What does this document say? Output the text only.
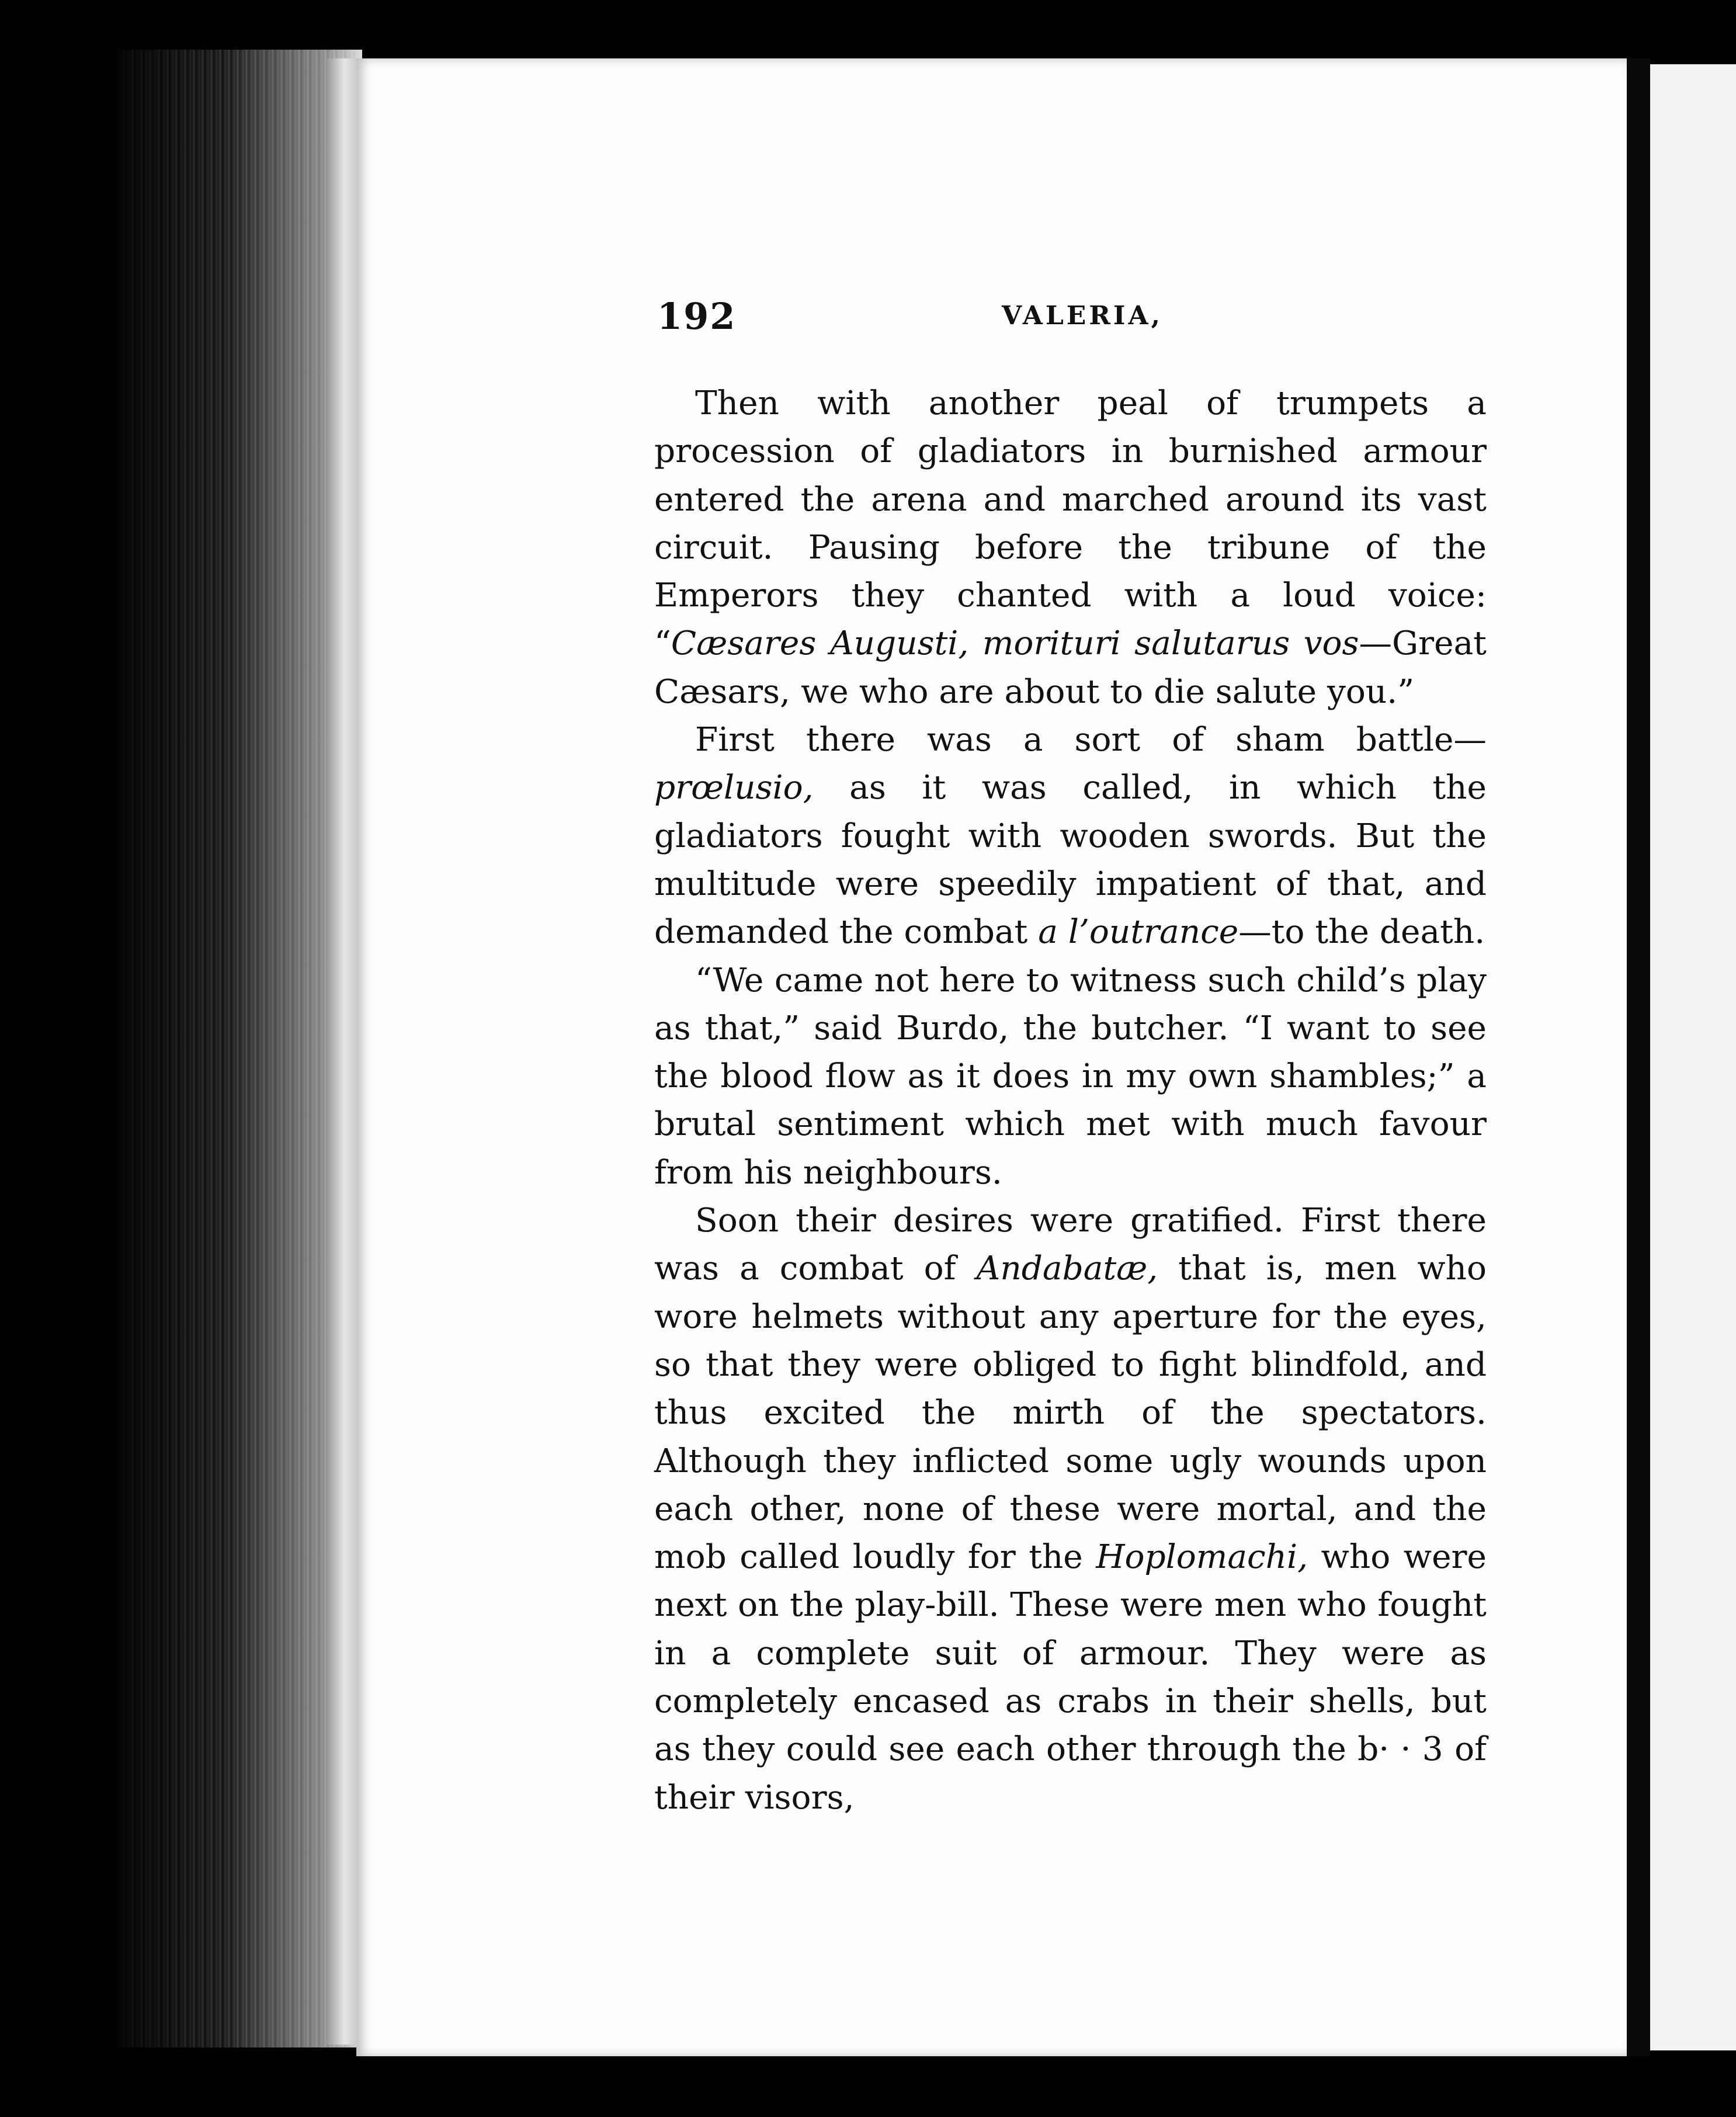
192	VALERIA,

Then with another peal of trumpets a procession of gladiators in burnished armour entered the arena and marched around its vast circuit. Pausing before the tribune of the Emperors they chanted with a loud voice: “Cæsares Augusti, morituri salutarus vos—Great Cæsars, we who are about to die salute you.”

First there was a sort of sham battle—prœlusio, as it was called, in which the gladiators fought with wooden swords. But the multitude were speedily impatient of that, and demanded the combat a l’outrance—to the death.

“We came not here to witness such child’s play as that,” said Burdo, the butcher. “I want to see the blood flow as it does in my own shambles;” a brutal sentiment which met with much favour from his neighbours.

Soon their desires were gratified. First there was a combat of Andabatæ, that is, men who wore helmets without any aperture for the eyes, so that they were obliged to fight blindfold, and thus excited the mirth of the spectators. Although they inflicted some ugly wounds upon each other, none of these were mortal, and the mob called loudly for the Hoplomachi, who were next on the play-bill. These were men who fought in a complete suit of armour. They were as completely encased as crabs in their shells, but as they could see each other through the b· · 3 of their visors,
